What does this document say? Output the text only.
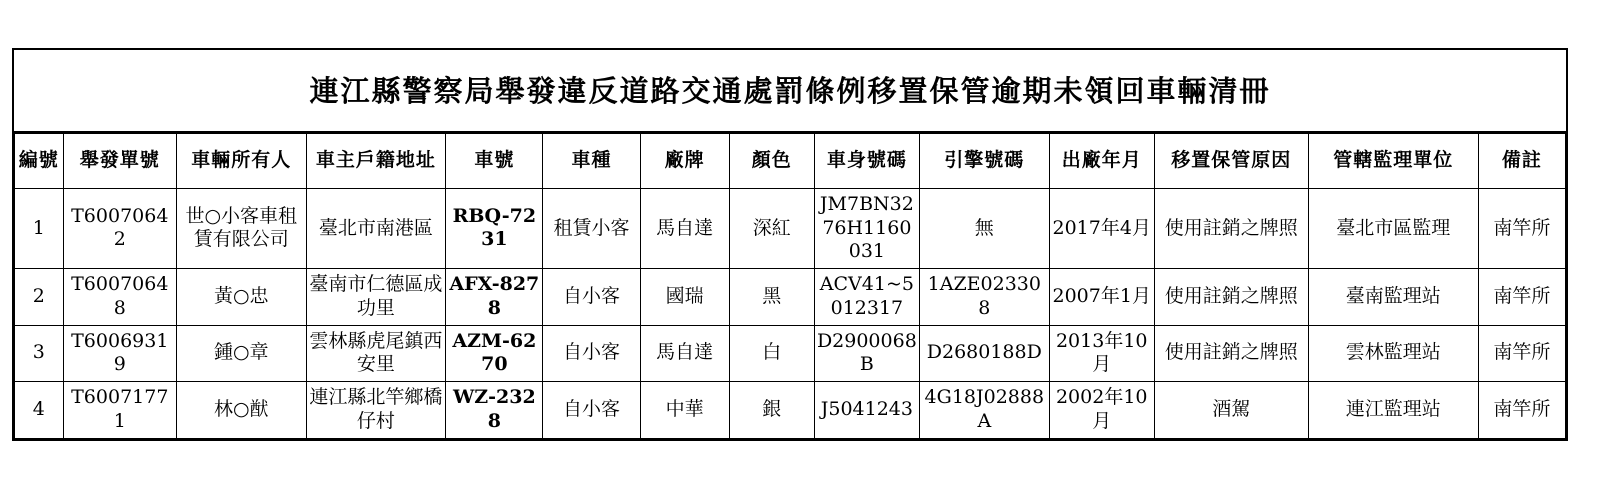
連江縣警察局舉發違反道路交通處罰條例移置保管逾期未領回車輛清冊
編號	舉發單號	車輛所有人	車主戶籍地址	車號	車種	廠牌	顏色	車身號碼	引擎號碼	出廠年月	移置保管原因	管轄監理單位	備註
1	T60070642	世○小客車租賃有限公司	臺北市南港區	RBQ-7231	租賃小客	馬自達	深紅	JM7BN3276H1160031	無	2017年4月	使用註銷之牌照	臺北市區監理	南竿所
2	T60070648	黃○忠	臺南市仁德區成功里	AFX-8278	自小客	國瑞	黑	ACV41~5012317	1AZE023308	2007年1月	使用註銷之牌照	臺南監理站	南竿所
3	T60069319	鍾○章	雲林縣虎尾鎮西安里	AZM-6270	自小客	馬自達	白	D2900068B	D2680188D	2013年10月	使用註銷之牌照	雲林監理站	南竿所
4	T60071771	林○猷	連江縣北竿鄉橋仔村	WZ-2328	自小客	中華	銀	J5041243	4G18J02888A	2002年10月	酒駕	連江監理站	南竿所
